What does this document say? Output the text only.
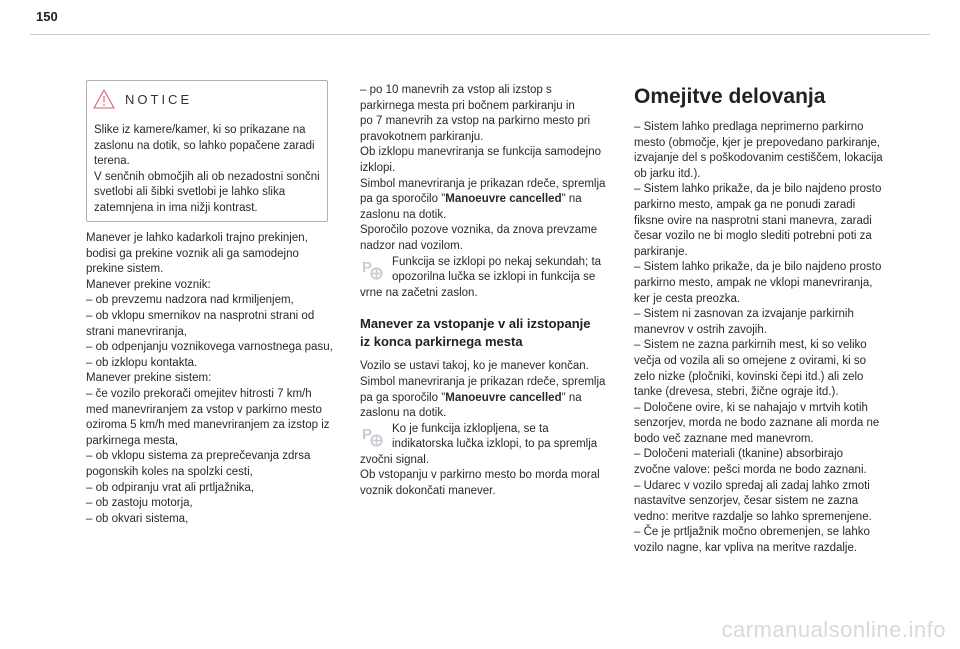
150
NOTICE

Slike iz kamere/kamer, ki so prikazane na

zaslonu na dotik, so lahko popačene zaradi

terena.

V senčnih območjih ali ob nezadostni sončni

svetlobi ali šibki svetlobi je lahko slika

zatemnjena in ima nižji kontrast.

Manever je lahko kadarkoli trajno prekinjen,

bodisi ga prekine voznik ali ga samodejno

prekine sistem.

Manever prekine voznik:

– ob prevzemu nadzora nad krmiljenjem,

– ob vklopu smernikov na nasprotni strani od

strani manevriranja,

– ob odpenjanju voznikovega varnostnega pasu,

– ob izklopu kontakta.

Manever prekine sistem:

– če vozilo prekorači omejitev hitrosti 7 km/h

med manevriranjem za vstop v parkirno mesto

oziroma 5 km/h med manevriranjem za izstop iz

parkirnega mesta,

– ob vklopu sistema za preprečevanja zdrsa

pogonskih koles na spolzki cesti,

– ob odpiranju vrat ali prtljažnika,

– ob zastoju motorja,

– ob okvari sistema,

– po 10 manevrih za vstop ali izstop s

parkirnega mesta pri bočnem parkiranju in

po 7 manevrih za vstop na parkirno mesto pri

pravokotnem parkiranju.

Ob izklopu manevriranja se funkcija samodejno

izklopi.

Simbol manevriranja je prikazan rdeče, spremlja

pa ga sporočilo "Manoeuvre cancelled" na

zaslonu na dotik.

Sporočilo pozove voznika, da znova prevzame

nadzor nad vozilom.

P Funkcija se izklopi po nekaj sekundah; ta

opozorilna lučka se izklopi in funkcija se

vrne na začetni zaslon.

Manever za vstopanje v ali izstopanje
iz konca parkirnega mesta

Vozilo se ustavi takoj, ko je manever končan.

Simbol manevriranja je prikazan rdeče, spremlja

pa ga sporočilo "Manoeuvre cancelled" na

zaslonu na dotik.

P Ko je funkcija izklopljena, se ta

indikatorska lučka izklopi, to pa spremlja

zvočni signal.

Ob vstopanju v parkirno mesto bo morda moral

voznik dokončati manever.

Omejitve delovanja

– Sistem lahko predlaga neprimerno parkirno

mesto (območje, kjer je prepovedano parkiranje,

izvajanje del s poškodovanim cestiščem, lokacija

ob jarku itd.).

– Sistem lahko prikaže, da je bilo najdeno prosto

parkirno mesto, ampak ga ne ponudi zaradi

fiksne ovire na nasprotni stani manevra, zaradi

česar vozilo ne bi moglo slediti potrebni poti za

parkiranje.

– Sistem lahko prikaže, da je bilo najdeno prosto

parkirno mesto, ampak ne vklopi manevriranja,

ker je cesta preozka.

– Sistem ni zasnovan za izvajanje parkirnih

manevrov v ostrih zavojih.

– Sistem ne zazna parkirnih mest, ki so veliko

večja od vozila ali so omejene z ovirami, ki so

zelo nizke (pločniki, kovinski čepi itd.) ali zelo

tanke (drevesa, stebri, žične ograje itd.).

– Določene ovire, ki se nahajajo v mrtvih kotih

senzorjev, morda ne bodo zaznane ali morda ne

bodo več zaznane med manevrom.

– Določeni materiali (tkanine) absorbirajo

zvočne valove: pešci morda ne bodo zaznani.

– Udarec v vozilo spredaj ali zadaj lahko zmoti

nastavitve senzorjev, česar sistem ne zazna

vedno: meritve razdalje so lahko spremenjene.

– Če je prtljažnik močno obremenjen, se lahko

vozilo nagne, kar vpliva na meritve razdalje.

carmanualsonline.info
